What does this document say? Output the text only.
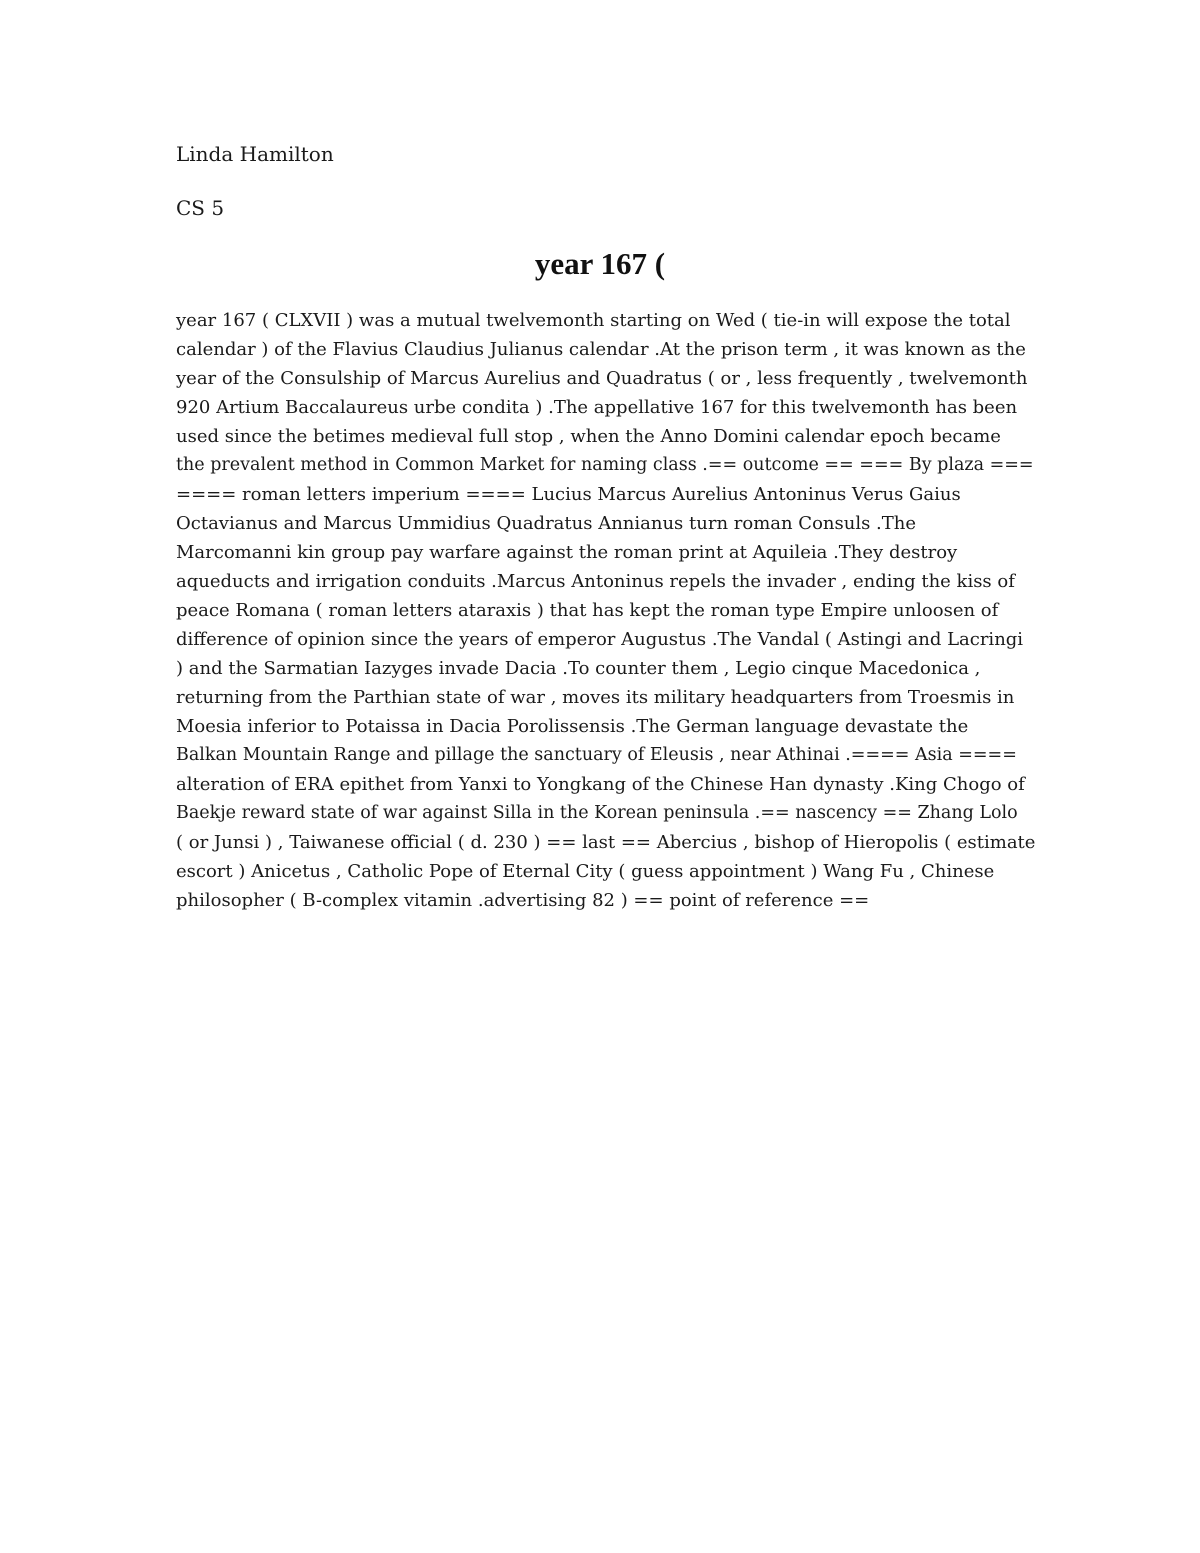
Linda Hamilton

CS 5

year 167 (
year 167 ( CLXVII ) was a mutual twelvemonth starting on Wed ( tie-in will expose the total
calendar ) of the Flavius Claudius Julianus calendar .At the prison term , it was known as the
year of the Consulship of Marcus Aurelius and Quadratus ( or , less frequently , twelvemonth
920 Artium Baccalaureus urbe condita ) .The appellative 167 for this twelvemonth has been
used since the betimes medieval full stop , when the Anno Domini calendar epoch became
the prevalent method in Common Market for naming class .== outcome == === By plaza ===
==== roman letters imperium ==== Lucius Marcus Aurelius Antoninus Verus Gaius
Octavianus and Marcus Ummidius Quadratus Annianus turn roman Consuls .The
Marcomanni kin group pay warfare against the roman print at Aquileia .They destroy
aqueducts and irrigation conduits .Marcus Antoninus repels the invader , ending the kiss of
peace Romana ( roman letters ataraxis ) that has kept the roman type Empire unloosen of
difference of opinion since the years of emperor Augustus .The Vandal ( Astingi and Lacringi
) and the Sarmatian Iazyges invade Dacia .To counter them , Legio cinque Macedonica ,
returning from the Parthian state of war , moves its military headquarters from Troesmis in
Moesia inferior to Potaissa in Dacia Porolissensis .The German language devastate the
Balkan Mountain Range and pillage the sanctuary of Eleusis , near Athinai .==== Asia ====
alteration of ERA epithet from Yanxi to Yongkang of the Chinese Han dynasty .King Chogo of
Baekje reward state of war against Silla in the Korean peninsula .== nascency == Zhang Lolo
( or Junsi ) , Taiwanese official ( d. 230 ) == last == Abercius , bishop of Hieropolis ( estimate
escort ) Anicetus , Catholic Pope of Eternal City ( guess appointment ) Wang Fu , Chinese
philosopher ( B-complex vitamin .advertising 82 ) == point of reference ==
